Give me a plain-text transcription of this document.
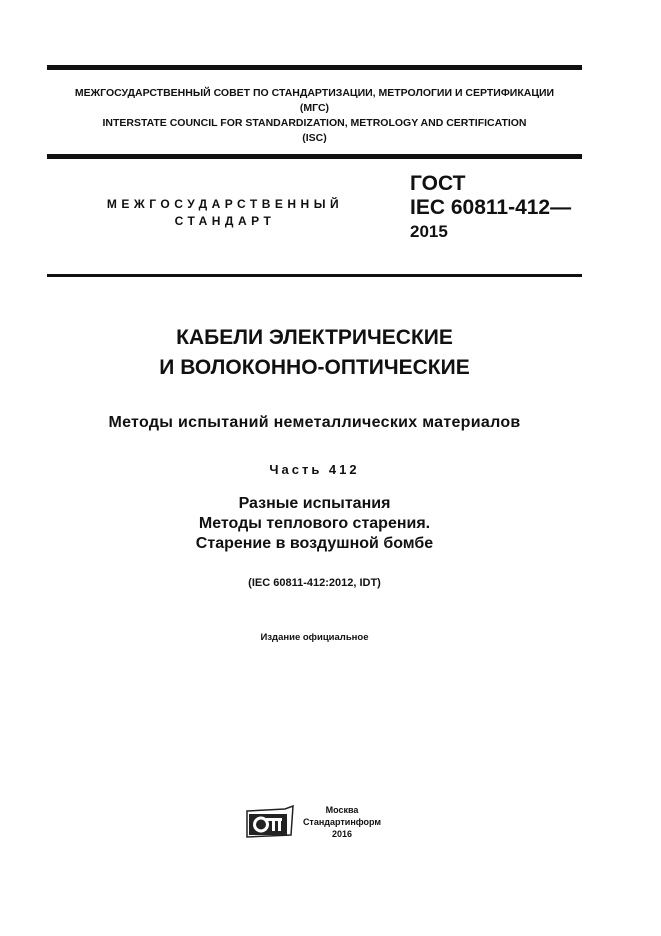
МЕЖГОСУДАРСТВЕННЫЙ СОВЕТ ПО СТАНДАРТИЗАЦИИ, МЕТРОЛОГИИ И СЕРТИФИКАЦИИ
(МГС)
INTERSTATE COUNCIL FOR STANDARDIZATION, METROLOGY AND CERTIFICATION
(ISC)
МЕЖГОСУДАРСТВЕННЫЙ
СТАНДАРТ
ГОСТ
IEC 60811-412—
2015
КАБЕЛИ ЭЛЕКТРИЧЕСКИЕ
И ВОЛОКОННО-ОПТИЧЕСКИЕ
Методы испытаний неметаллических материалов
Часть 412
Разные испытания
Методы теплового старения.
Старение в воздушной бомбе
(IEC 60811-412:2012, IDT)
Издание официальное
Москва
Стандартинформ
2016
